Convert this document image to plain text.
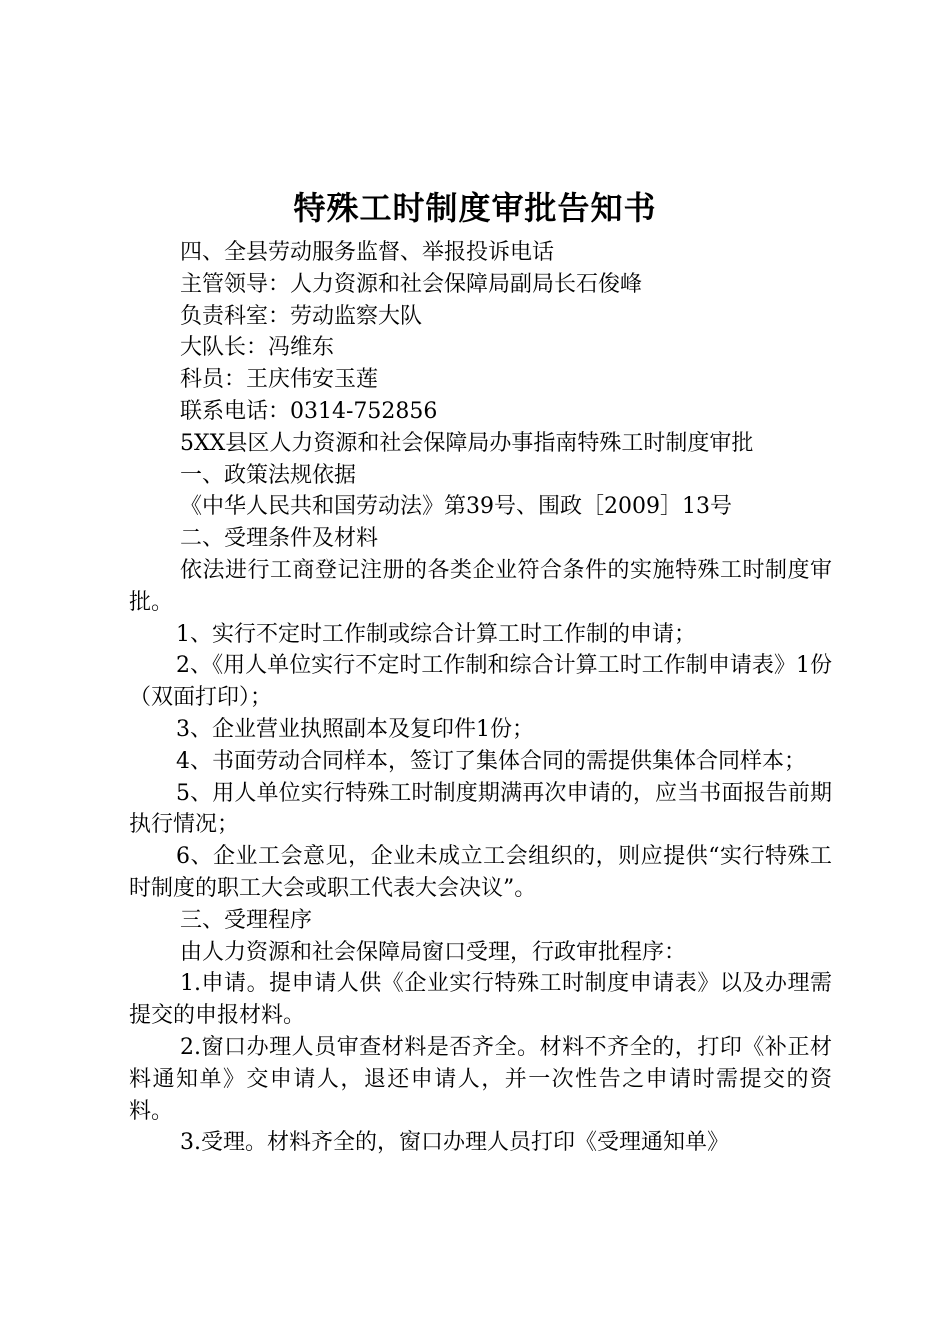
特殊工时制度审批告知书

四、全县劳动服务监督、举报投诉电话

主管领导：人力资源和社会保障局副局长石俊峰

负责科室：劳动监察大队

大队长：冯维东

科员：王庆伟安玉莲

联系电话：0314-752856

5XX县区人力资源和社会保障局办事指南特殊工时制度审批

一、政策法规依据

《中华人民共和国劳动法》第39号、围政［2009］13号

二、受理条件及材料

依法进行工商登记注册的各类企业符合条件的实施特殊工时制度审批。

1、实行不定时工作制或综合计算工时工作制的申请；

2、《用人单位实行不定时工作制和综合计算工时工作制申请表》1份（双面打印）；

3、企业营业执照副本及复印件1份；

4、书面劳动合同样本，签订了集体合同的需提供集体合同样本；

5、用人单位实行特殊工时制度期满再次申请的，应当书面报告前期执行情况；

6、企业工会意见，企业未成立工会组织的，则应提供“实行特殊工时制度的职工大会或职工代表大会决议”。

三、受理程序

由人力资源和社会保障局窗口受理，行政审批程序：

1.申请。提申请人供《企业实行特殊工时制度申请表》以及办理需提交的申报材料。

2.窗口办理人员审查材料是否齐全。材料不齐全的，打印《补正材料通知单》交申请人，退还申请人，并一次性告之申请时需提交的资料。

3.受理。材料齐全的，窗口办理人员打印《受理通知单》
